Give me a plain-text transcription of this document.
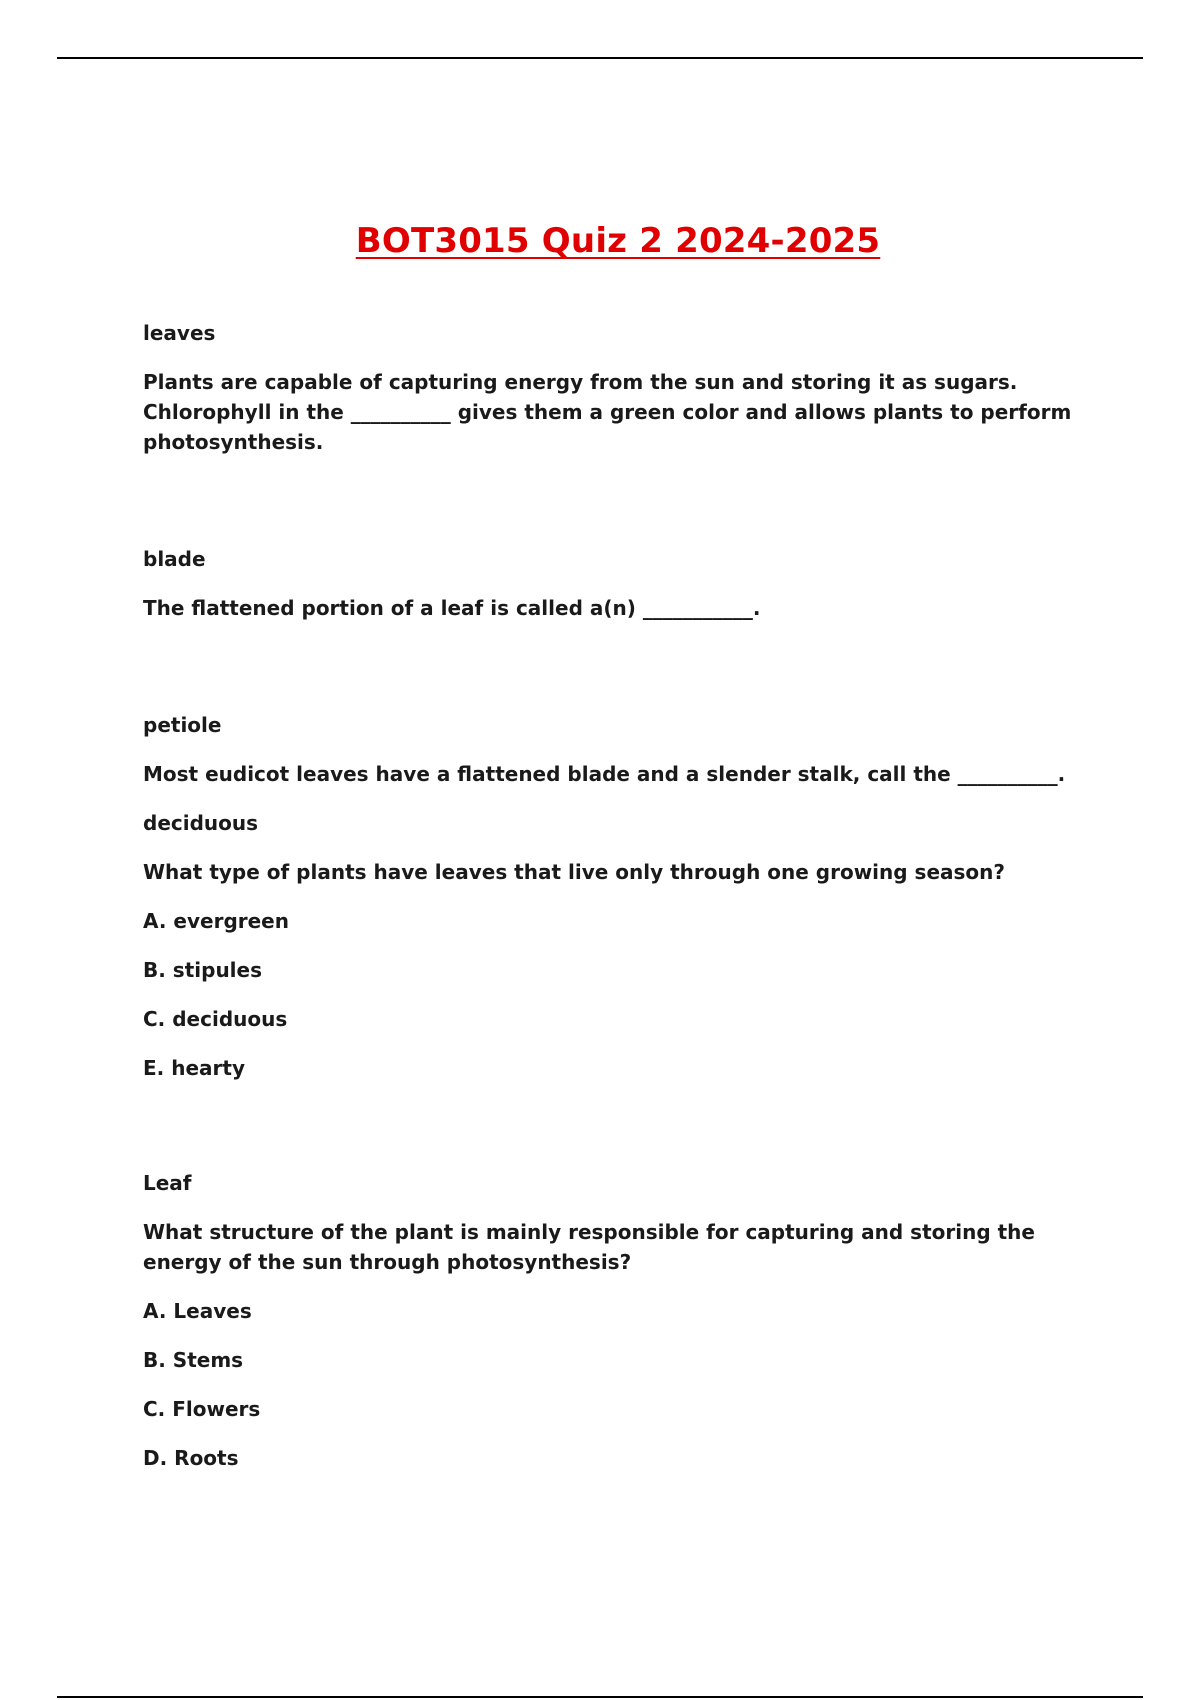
BOT3015 Quiz 2 2024-2025

leaves

Plants are capable of capturing energy from the sun and storing it as sugars. Chlorophyll in the __________ gives them a green color and allows plants to perform photosynthesis.

blade

The flattened portion of a leaf is called a(n) ___________.

petiole

Most eudicot leaves have a flattened blade and a slender stalk, call the __________.

deciduous

What type of plants have leaves that live only through one growing season?

A. evergreen

B. stipules

C. deciduous

E. hearty

Leaf

What structure of the plant is mainly responsible for capturing and storing the energy of the sun through photosynthesis?

A. Leaves

B. Stems

C. Flowers

D. Roots
